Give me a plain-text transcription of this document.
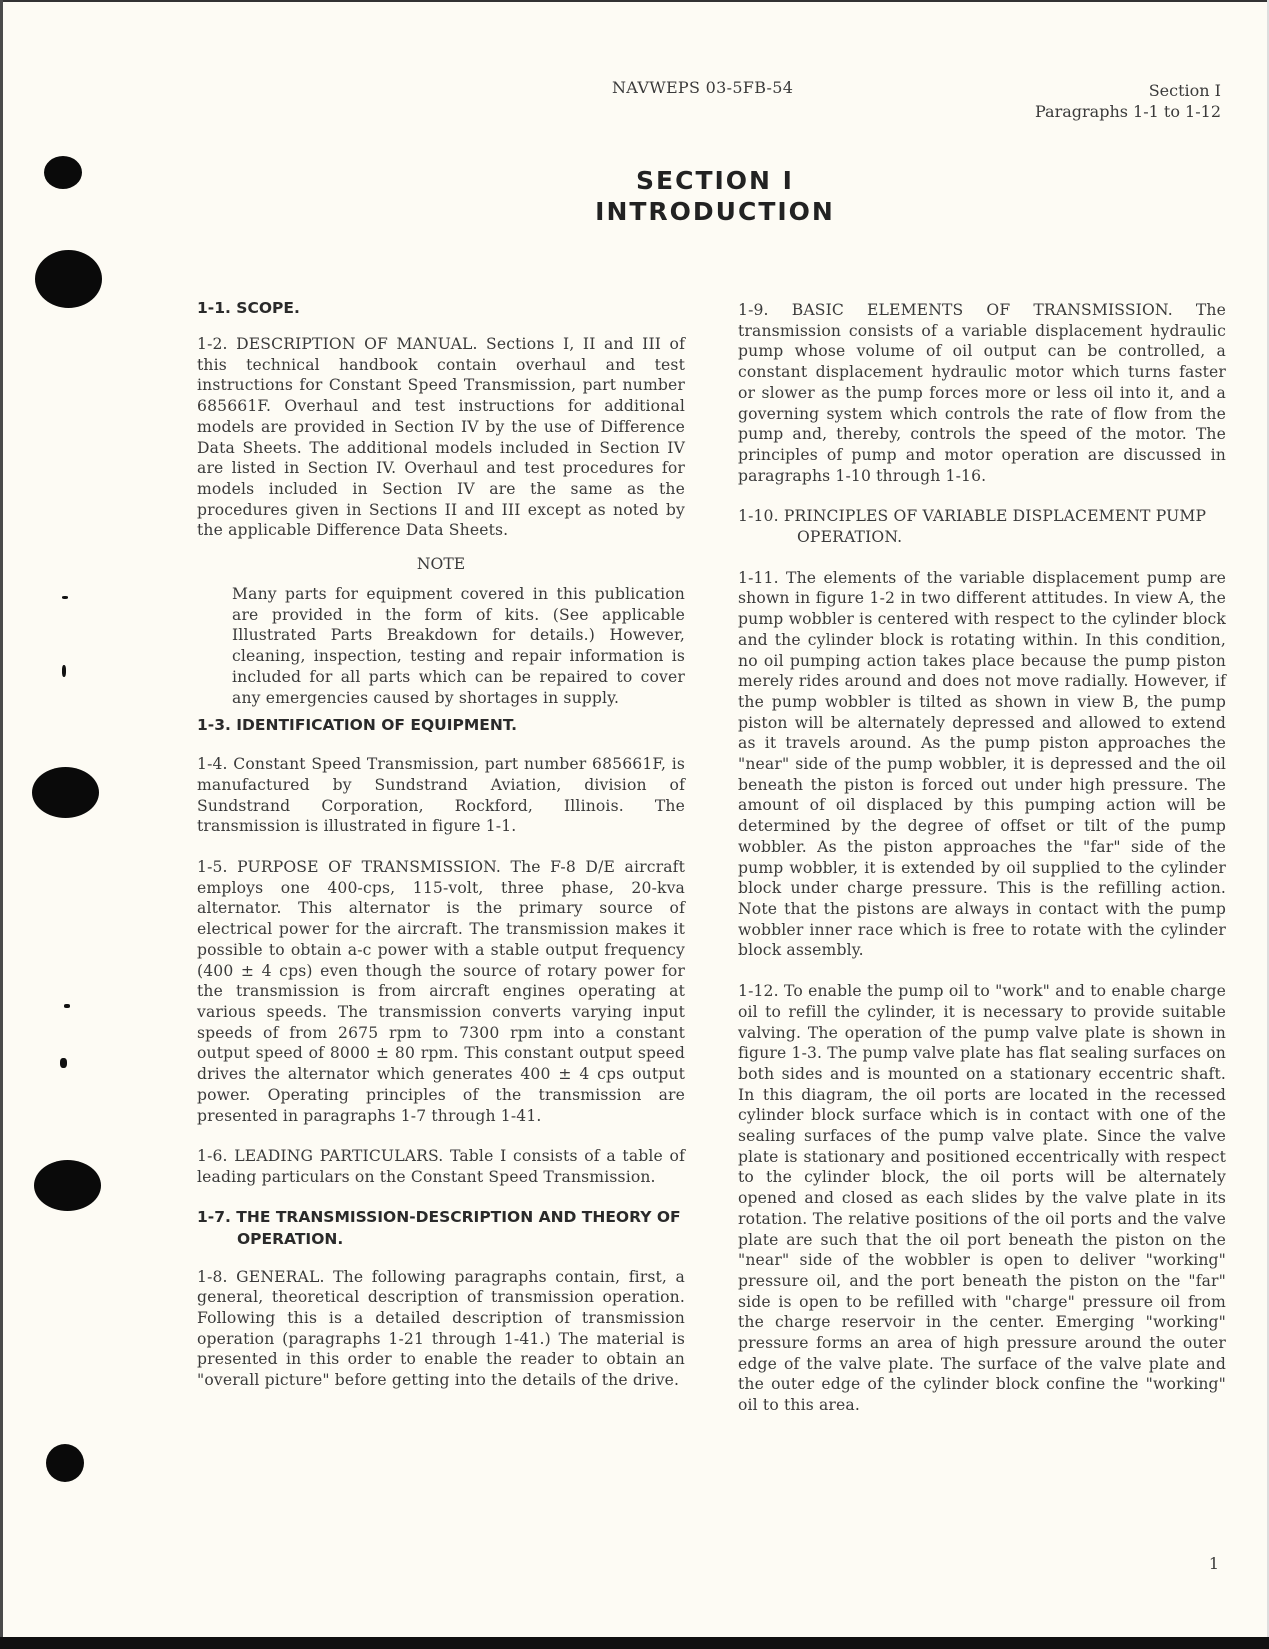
NAVWEPS 03-5FB-54	Section I
Paragraphs 1-1 to 1-12
SECTION I
INTRODUCTION

1-1. SCOPE.

1-2. DESCRIPTION OF MANUAL. Sections I, II and III of this technical handbook contain overhaul and test instructions for Constant Speed Transmission, part number 685661F. Overhaul and test instructions for additional models are provided in Section IV by the use of Difference Data Sheets. The additional models included in Section IV are listed in Section IV. Overhaul and test procedures for models included in Section IV are the same as the procedures given in Sections II and III except as noted by the applicable Difference Data Sheets.

NOTE

Many parts for equipment covered in this publication are provided in the form of kits. (See applicable Illustrated Parts Breakdown for details.) However, cleaning, inspection, testing and repair information is included for all parts which can be repaired to cover any emergencies caused by shortages in supply.

1-3. IDENTIFICATION OF EQUIPMENT.

1-4. Constant Speed Transmission, part number 685661F, is manufactured by Sundstrand Aviation, division of Sundstrand Corporation, Rockford, Illinois. The transmission is illustrated in figure 1-1.

1-5. PURPOSE OF TRANSMISSION. The F-8 D/E aircraft employs one 400-cps, 115-volt, three phase, 20-kva alternator. This alternator is the primary source of electrical power for the aircraft. The transmission makes it possible to obtain a-c power with a stable output frequency (400 ± 4 cps) even though the source of rotary power for the transmission is from aircraft engines operating at various speeds. The transmission converts varying input speeds of from 2675 rpm to 7300 rpm into a constant output speed of 8000 ± 80 rpm. This constant output speed drives the alternator which generates 400 ± 4 cps output power. Operating principles of the transmission are presented in paragraphs 1-7 through 1-41.

1-6. LEADING PARTICULARS. Table I consists of a table of leading particulars on the Constant Speed Transmission.

1-7. THE TRANSMISSION-DESCRIPTION AND THEORY OF OPERATION.

1-8. GENERAL. The following paragraphs contain, first, a general, theoretical description of transmission operation. Following this is a detailed description of transmission operation (paragraphs 1-21 through 1-41.) The material is presented in this order to enable the reader to obtain an "overall picture" before getting into the details of the drive.

1-9. BASIC ELEMENTS OF TRANSMISSION. The transmission consists of a variable displacement hydraulic pump whose volume of oil output can be controlled, a constant displacement hydraulic motor which turns faster or slower as the pump forces more or less oil into it, and a governing system which controls the rate of flow from the pump and, thereby, controls the speed of the motor. The principles of pump and motor operation are discussed in paragraphs 1-10 through 1-16.

1-10. PRINCIPLES OF VARIABLE DISPLACEMENT PUMP OPERATION.

1-11. The elements of the variable displacement pump are shown in figure 1-2 in two different attitudes. In view A, the pump wobbler is centered with respect to the cylinder block and the cylinder block is rotating within. In this condition, no oil pumping action takes place because the pump piston merely rides around and does not move radially. However, if the pump wobbler is tilted as shown in view B, the pump piston will be alternately depressed and allowed to extend as it travels around. As the pump piston approaches the "near" side of the pump wobbler, it is depressed and the oil beneath the piston is forced out under high pressure. The amount of oil displaced by this pumping action will be determined by the degree of offset or tilt of the pump wobbler. As the piston approaches the "far" side of the pump wobbler, it is extended by oil supplied to the cylinder block under charge pressure. This is the refilling action. Note that the pistons are always in contact with the pump wobbler inner race which is free to rotate with the cylinder block assembly.

1-12. To enable the pump oil to "work" and to enable charge oil to refill the cylinder, it is necessary to provide suitable valving. The operation of the pump valve plate is shown in figure 1-3. The pump valve plate has flat sealing surfaces on both sides and is mounted on a stationary eccentric shaft. In this diagram, the oil ports are located in the recessed cylinder block surface which is in contact with one of the sealing surfaces of the pump valve plate. Since the valve plate is stationary and positioned eccentrically with respect to the cylinder block, the oil ports will be alternately opened and closed as each slides by the valve plate in its rotation. The relative positions of the oil ports and the valve plate are such that the oil port beneath the piston on the "near" side of the wobbler is open to deliver "working" pressure oil, and the port beneath the piston on the "far" side is open to be refilled with "charge" pressure oil from the charge reservoir in the center. Emerging "working" pressure forms an area of high pressure around the outer edge of the valve plate. The surface of the valve plate and the outer edge of the cylinder block confine the "working" oil to this area.

1
